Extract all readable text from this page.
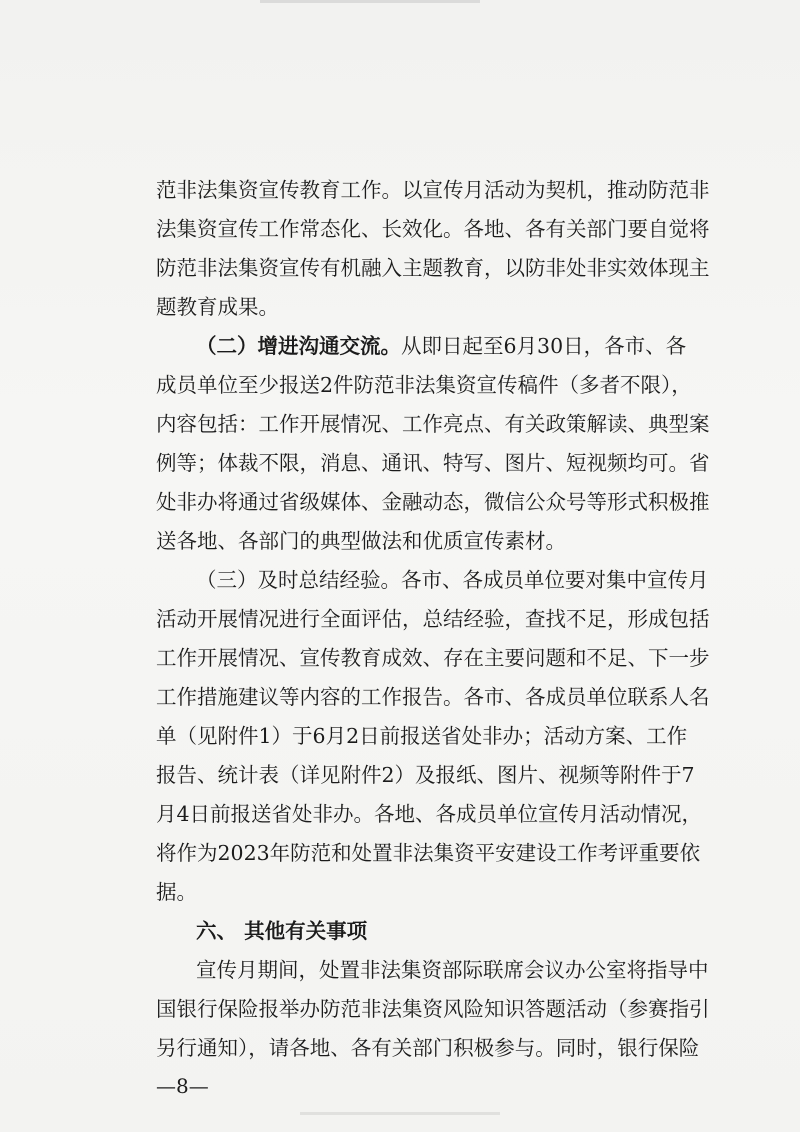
范非法集资宣传教育工作。以宣传月活动为契机，推动防范非

法集资宣传工作常态化、长效化。各地、各有关部门要自觉将

防范非法集资宣传有机融入主题教育，以防非处非实效体现主

题教育成果。

（二）增进沟通交流。从即日起至6月30日，各市、各

成员单位至少报送2件防范非法集资宣传稿件（多者不限），

内容包括：工作开展情况、工作亮点、有关政策解读、典型案

例等；体裁不限，消息、通讯、特写、图片、短视频均可。省

处非办将通过省级媒体、金融动态，微信公众号等形式积极推

送各地、各部门的典型做法和优质宣传素材。

（三）及时总结经验。各市、各成员单位要对集中宣传月

活动开展情况进行全面评估，总结经验，查找不足，形成包括

工作开展情况、宣传教育成效、存在主要问题和不足、下一步

工作措施建议等内容的工作报告。各市、各成员单位联系人名

单（见附件1）于6月2日前报送省处非办；活动方案、工作

报告、统计表（详见附件2）及报纸、图片、视频等附件于7

月4日前报送省处非办。各地、各成员单位宣传月活动情况，

将作为2023年防范和处置非法集资平安建设工作考评重要依

据。

六、 其他有关事项

宣传月期间，处置非法集资部际联席会议办公室将指导中

国银行保险报举办防范非法集资风险知识答题活动（参赛指引

另行通知），请各地、各有关部门积极参与。同时，银行保险

—8—
